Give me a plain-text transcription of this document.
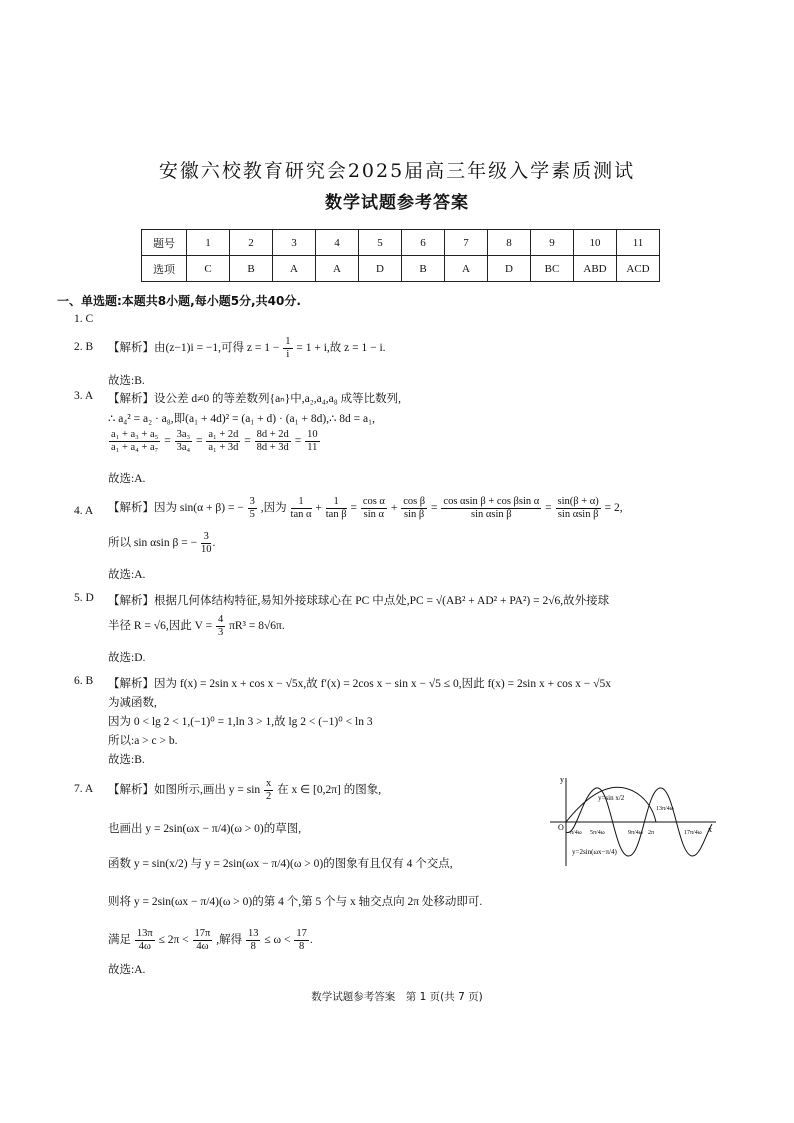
安徽六校教育研究会2025届高三年级入学素质测试
数学试题参考答案
题号	1	2	3	4	5	6	7	8	9	10	11
选项	C	B	A	A	D	B	A	D	BC	ABD	ACD
一、单选题:本题共8小题,每小题5分,共40分.
1. C
2. B 【解析】由(z−1)i = −1,可得 $z = 1 - \frac{1}{i} = 1 + i$,故 z = 1 − i.
故选:B.
3. A 【解析】设公差 d≠0 的等差数列{aₙ}中,a₂,a₄,a₈ 成等比数列,
∴ a₄² = a₂ · a₈,即(a₁ + 4d)² = (a₁ + d) · (a₁ + 8d),∴ 8d = a₁,
$\frac{\text{a₁ + a₃ + a₅}}{\text{a₁ + a₄ + a₇}} = \frac{\text{3a₃}}{\text{3a₄}} = \frac{\text{a₁ + 2d}}{\text{a₁ + 3d}} = \frac{8d + 2d}{8d + 3d} = \frac{10}{11}$
故选:A.
4. A 【解析】因为 sin(α + β) = − $\frac{3}{5}$ ,因为 $\frac{1}{\text{tan α}} + \frac{1}{\text{tan β}} = \frac{\text{cos α}}{\text{sin α}} + \frac{\text{cos β}}{\text{sin β}} = \frac{\text{cos αsin β + cos βsin α}}{\text{sin αsin β}} = \frac{\sin(\beta + \alpha)}{\text{sin αsin β}} = 2$,
所以 sin αsin β = − $\frac{3}{10}$ .
故选:A.
5. D 【解析】根据几何体结构特征,易知外接球球心在 PC 中点处,PC = √(AB² + AD² + PA²) = 2√6,故外接球
半径 R = √6,因此 $V = \frac{4}{3} \pi R^3 = 8√6\pi$.
故选:D.
6. B 【解析】因为 f(x) = 2sin x + cos x − √5x,故 f′(x) = 2cos x − sin x − √5 ≤ 0,因此 f(x) = 2sin x + cos x − √5x
为减函数,
因为 0 < lg 2 < 1,(−1)⁰ = 1,ln 3 > 1,故 lg 2 < (−1)⁰ < ln 3
所以:a > c > b.
故选:B.
7. A 【解析】如图所示,画出 $y = \sin \frac{x}{2}$ 在 x ∈ [0,2π] 的图象,
也画出 y = 2sin(ωx − π/4)(ω > 0)的草图,
函数 y = sin(x/2) 与 y = 2sin(ωx − π/4)(ω > 0)的图象有且仅有 4 个交点,
则将 y = 2sin(ωx − π/4)(ω > 0)的第 4 个,第 5 个与 x 轴交点向 2π 处移动即可.
满足 $\frac{13\pi}{4\omega} \le 2\pi < \frac{17\pi}{4\omega}$ ,解得 $\frac{13}{8} \le \omega < \frac{17}{8}$ .
故选:A.
y
x
O
y=sin x/2
y=2sin(ωx−π/4)
π/4ω 5π/4ω	9π/4ω 2π
13π/4ω
17π/4ω
数学试题参考答案　第 1 页(共 7 页)
